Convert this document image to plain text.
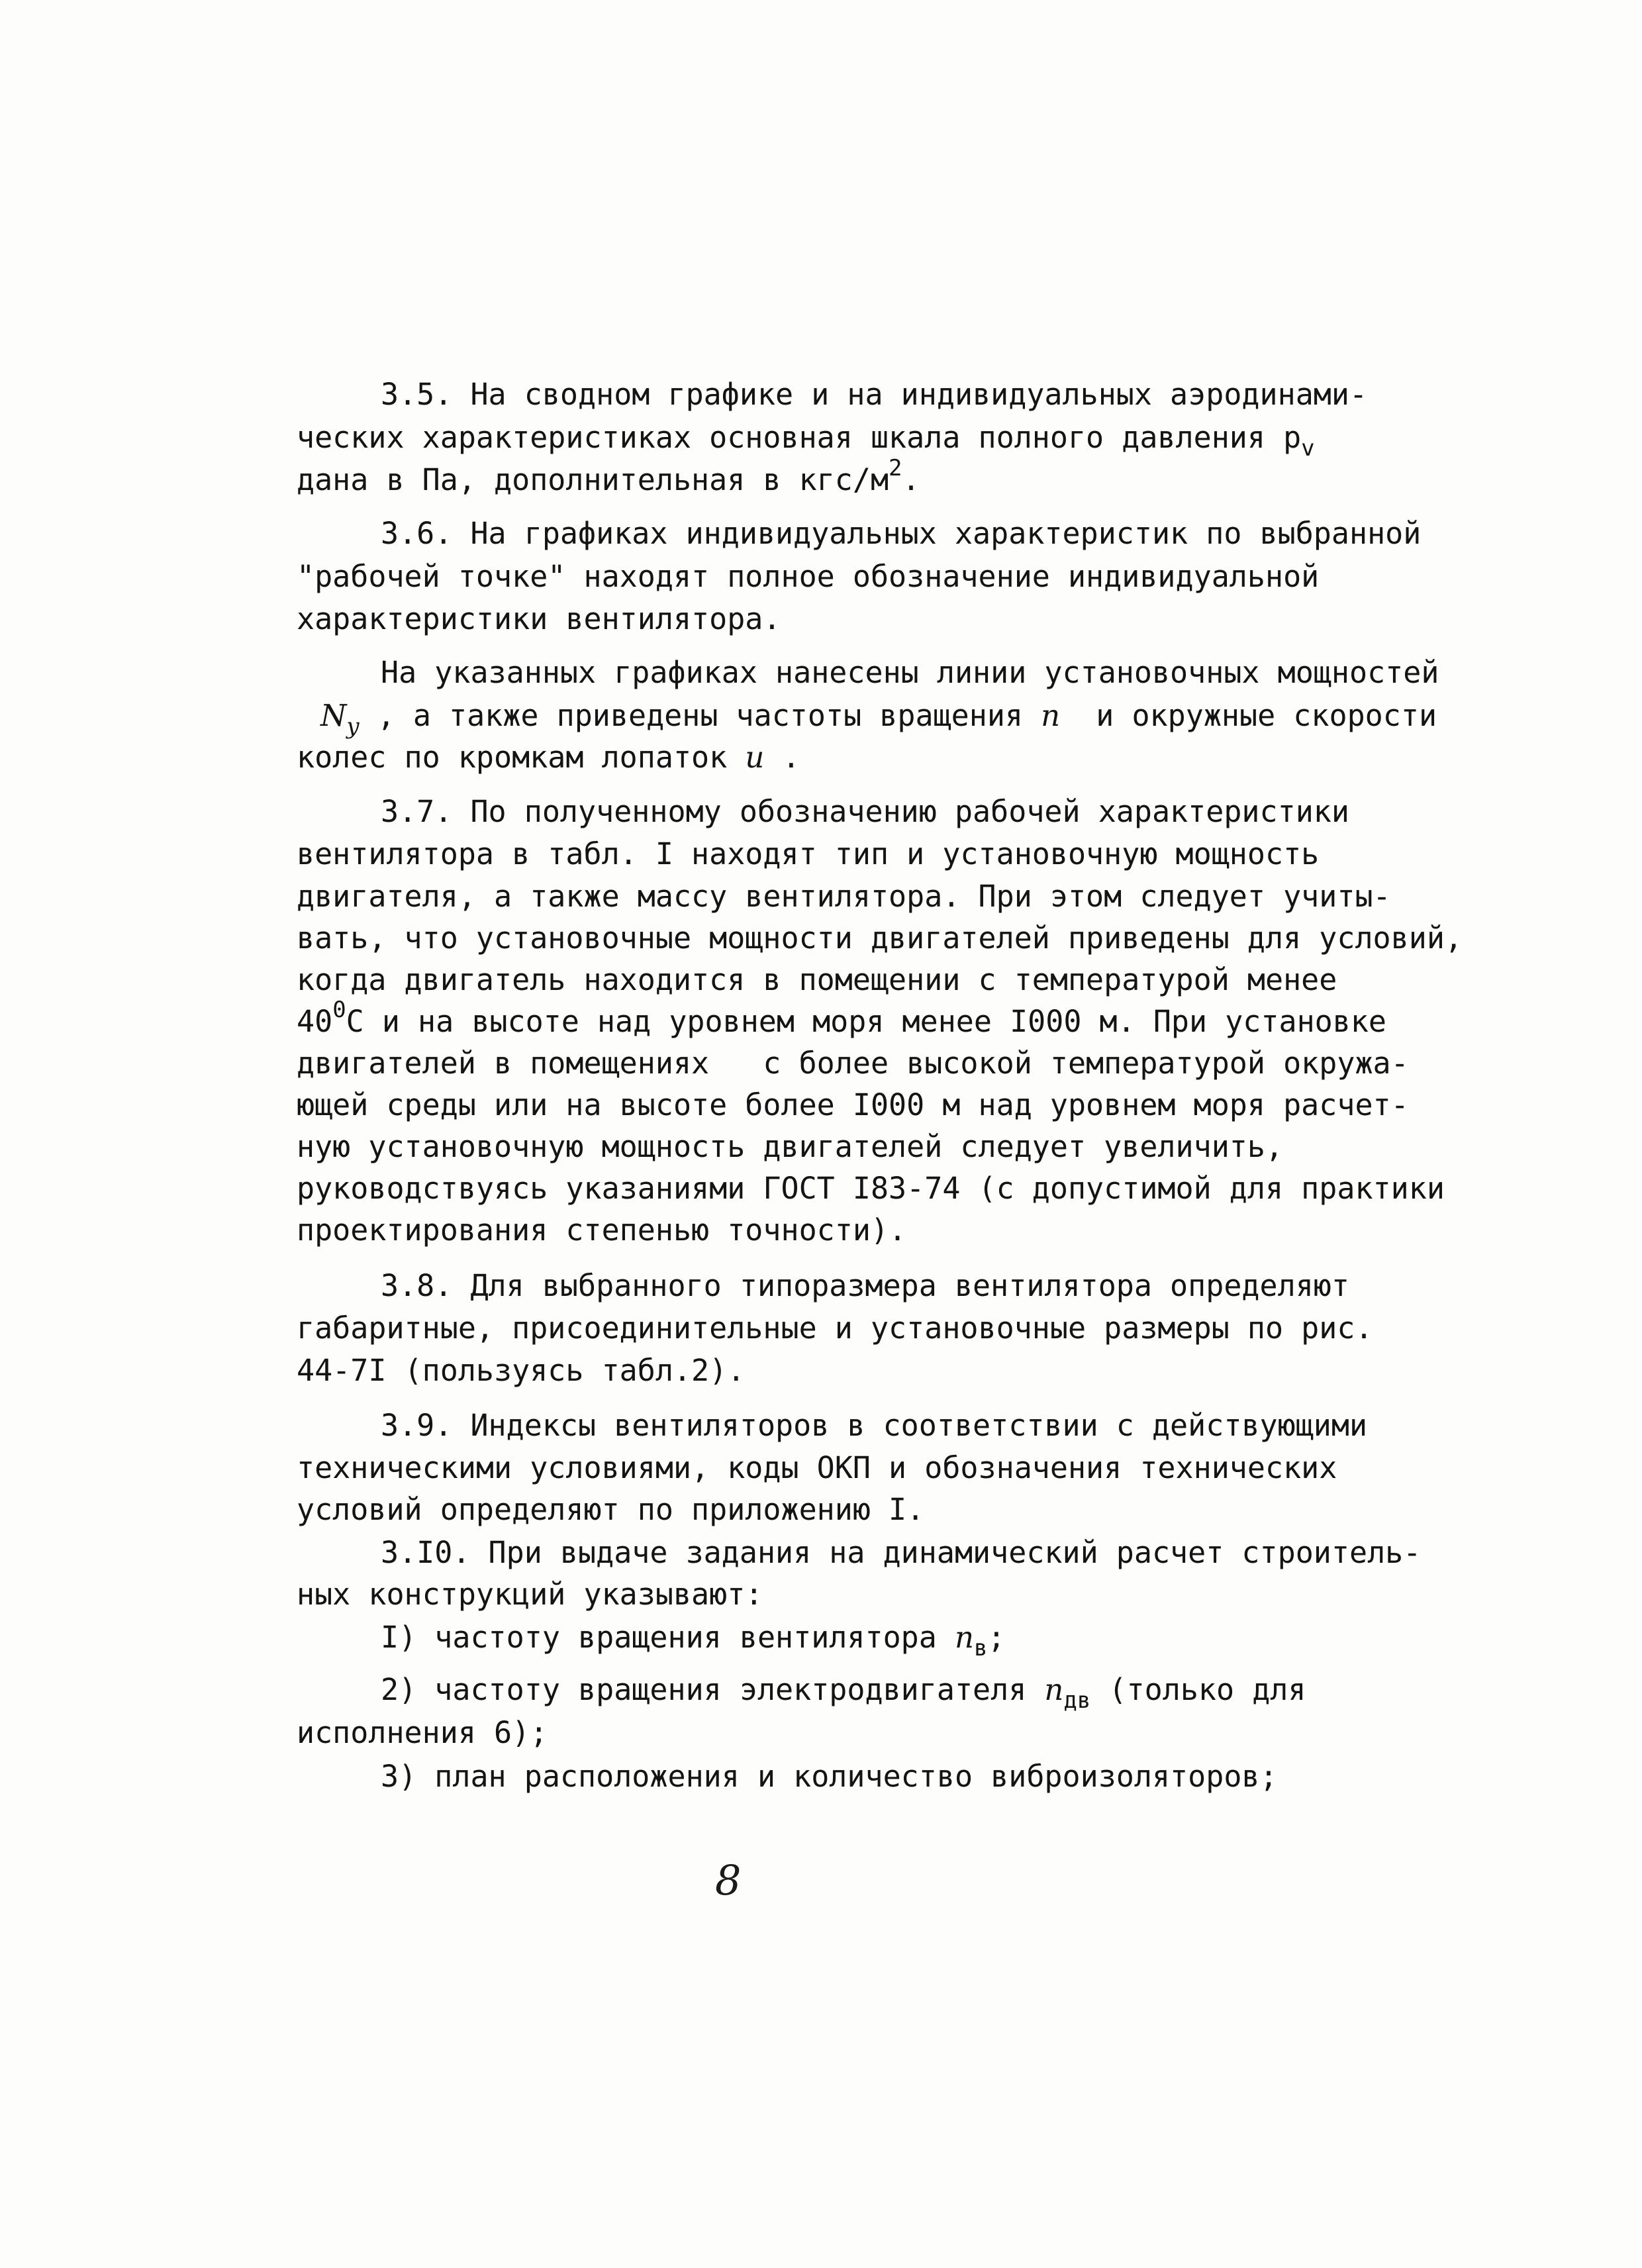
3.5. На сводном графике и на индивидуальных аэродинами-
ческих характеристиках основная шкала полного давления $p_v$
дана в Па, дополнительная в кгс/$м^2$.
3.6. На графиках индивидуальных характеристик по выбранной
"рабочей точке" находят полное обозначение индивидуальной
характеристики вентилятора.
На указанных графиках нанесены линии установочных мощностей
$N_y$ , а также приведены частоты вращения n  и окружные скорости
колес по кромкам лопаток u .
3.7. По полученному обозначению рабочей характеристики
вентилятора в табл. I находят тип и установочную мощность
двигателя, а также массу вентилятора. При этом следует учиты-
вать, что установочные мощности двигателей приведены для условий,
когда двигатель находится в помещении с температурой менее
$40^0С$ и на высоте над уровнем моря менее I000 м. При установке
двигателей в помещениях   с более высокой температурой окружа-
ющей среды или на высоте более I000 м над уровнем моря расчет-
ную установочную мощность двигателей следует увеличить,
руководствуясь указаниями ГОСТ I83-74 (с допустимой для практики
проектирования степенью точности).
3.8. Для выбранного типоразмера вентилятора определяют
габаритные, присоединительные и установочные размеры по рис.
44-7I (пользуясь табл.2).
3.9. Индексы вентиляторов в соответствии с действующими
техническими условиями, коды ОКП и обозначения технических
условий определяют по приложению I.
3.I0. При выдаче задания на динамический расчет строитель-
ных конструкций указывают:
I) частоту вращения вентилятора $n_в$;
2) частоту вращения электродвигателя $n_{дв}$ (только для
исполнения 6);
3) план расположения и количество виброизоляторов;
8
